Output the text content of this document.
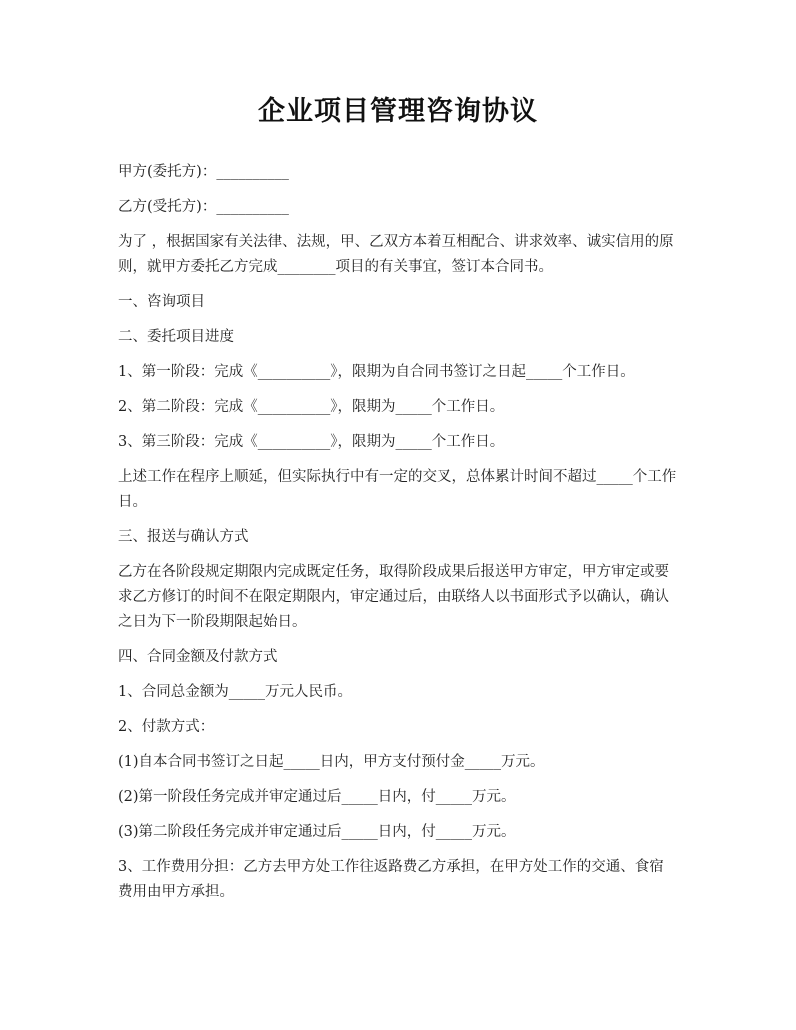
企业项目管理咨询协议
甲方(委托方)：__________
乙方(受托方)：__________
为了 ，根据国家有关法律、法规，甲、乙双方本着互相配合、讲求效率、诚实信用的原则，就甲方委托乙方完成________项目的有关事宜，签订本合同书。
一、咨询项目
二、委托项目进度
1、第一阶段：完成《__________》，限期为自合同书签订之日起_____个工作日。
2、第二阶段：完成《__________》，限期为_____个工作日。
3、第三阶段：完成《__________》，限期为_____个工作日。
上述工作在程序上顺延，但实际执行中有一定的交叉，总体累计时间不超过_____个工作日。
三、报送与确认方式
乙方在各阶段规定期限内完成既定任务，取得阶段成果后报送甲方审定，甲方审定或要求乙方修订的时间不在限定期限内，审定通过后，由联络人以书面形式予以确认，确认之日为下一阶段期限起始日。
四、合同金额及付款方式
1、合同总金额为_____万元人民币。
2、付款方式：
(1)自本合同书签订之日起_____日内，甲方支付预付金_____万元。
(2)第一阶段任务完成并审定通过后_____日内，付_____万元。
(3)第二阶段任务完成并审定通过后_____日内，付_____万元。
3、工作费用分担：乙方去甲方处工作往返路费乙方承担，在甲方处工作的交通、食宿费用由甲方承担。
